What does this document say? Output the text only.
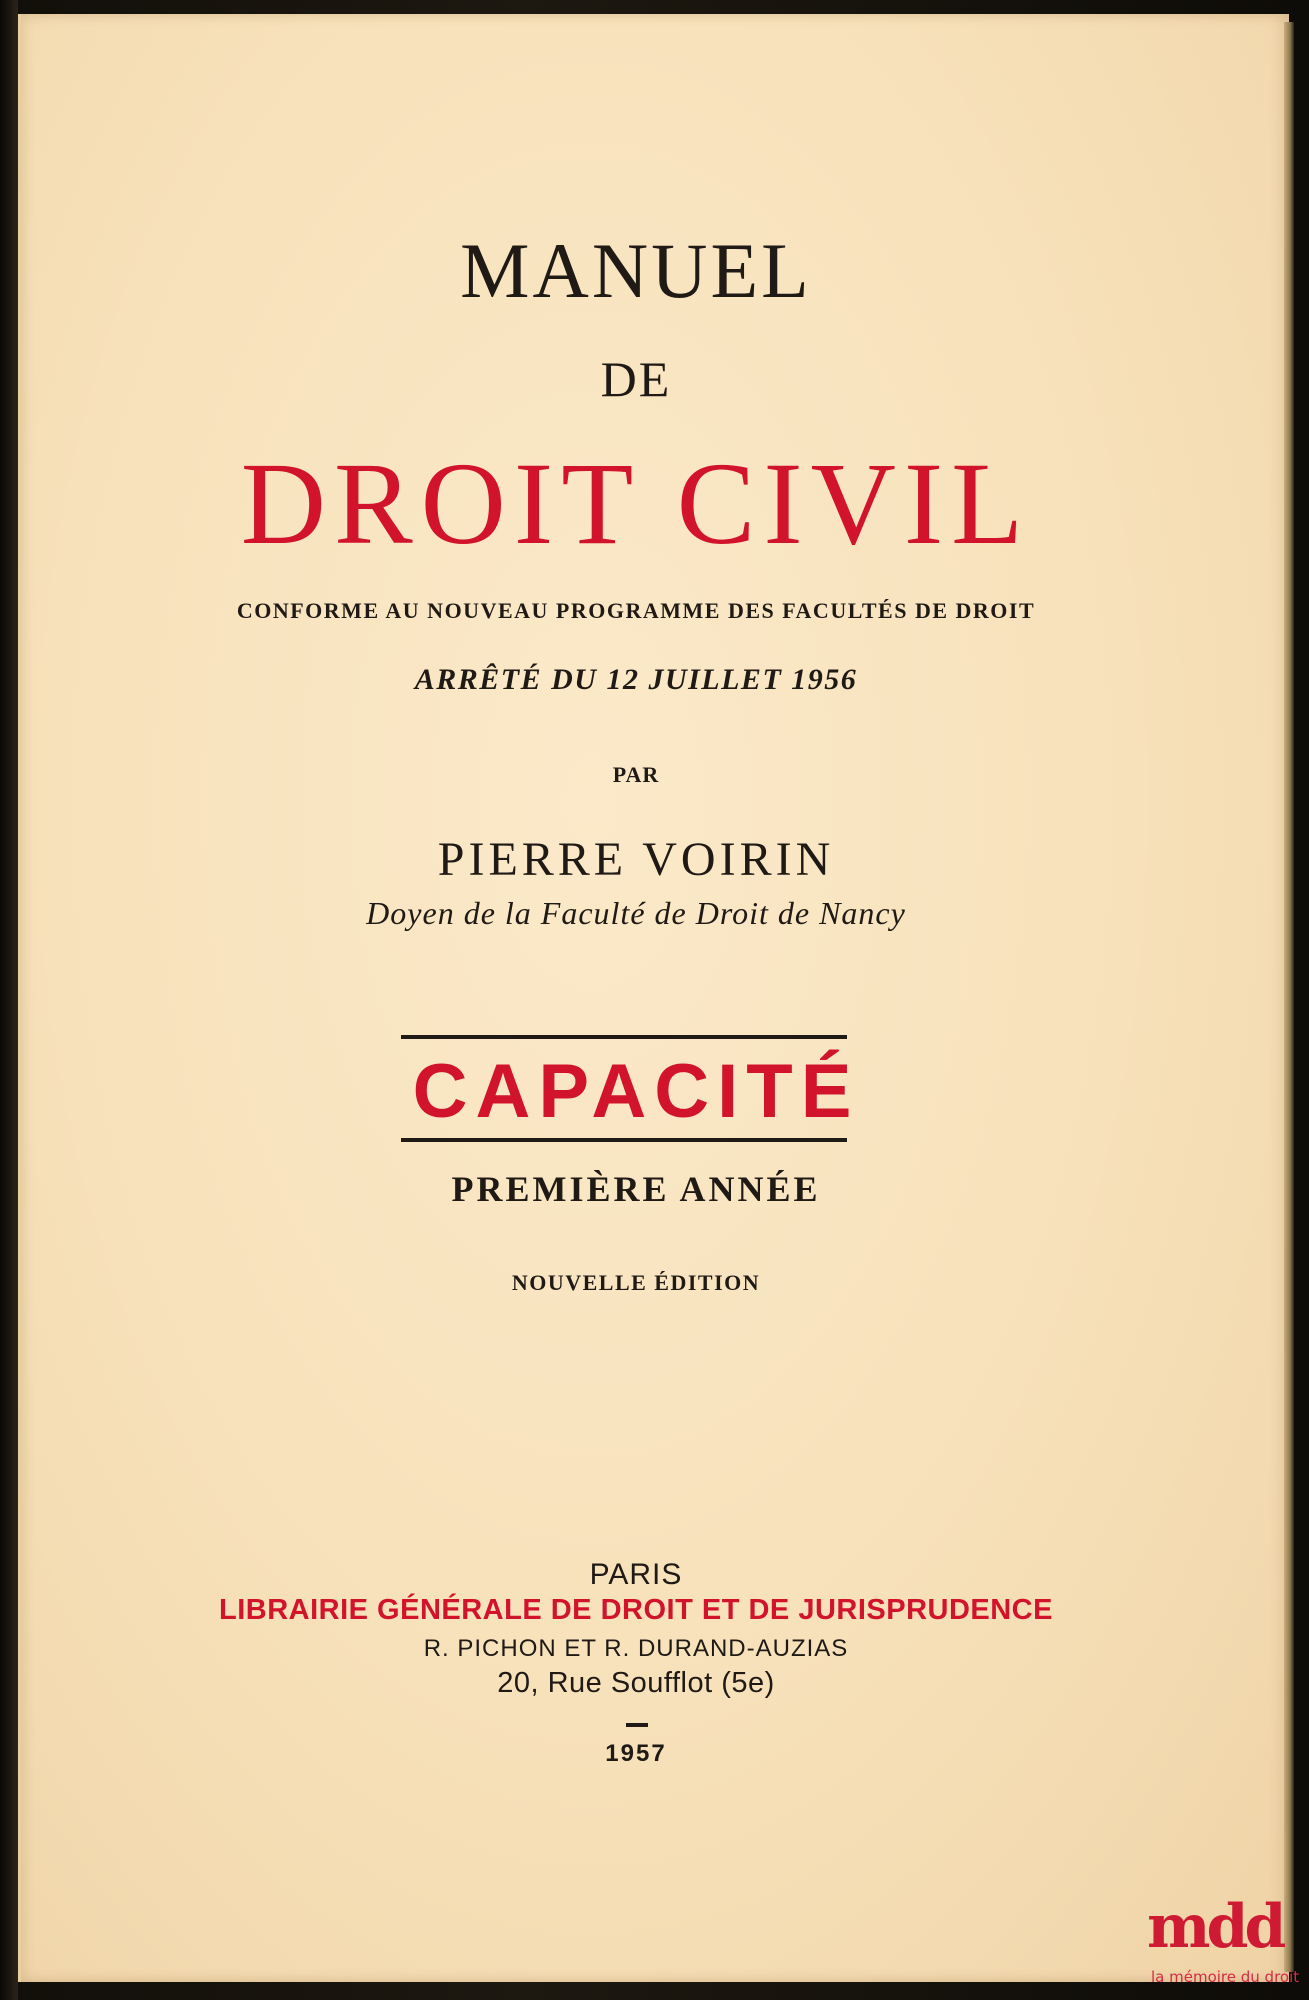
MANUEL

DE

DROIT CIVIL

CONFORME AU NOUVEAU PROGRAMME DES FACULTÉS DE DROIT

ARRÊTÉ DU 12 JUILLET 1956

PAR

PIERRE VOIRIN

Doyen de la Faculté de Droit de Nancy

CAPACITÉ

PREMIÈRE ANNÉE

NOUVELLE ÉDITION

PARIS

LIBRAIRIE GÉNÉRALE DE DROIT ET DE JURISPRUDENCE

R. PICHON ET R. DURAND-AUZIAS

20, Rue Soufflot (5e)

1957

mdd
la mémoire du droit
